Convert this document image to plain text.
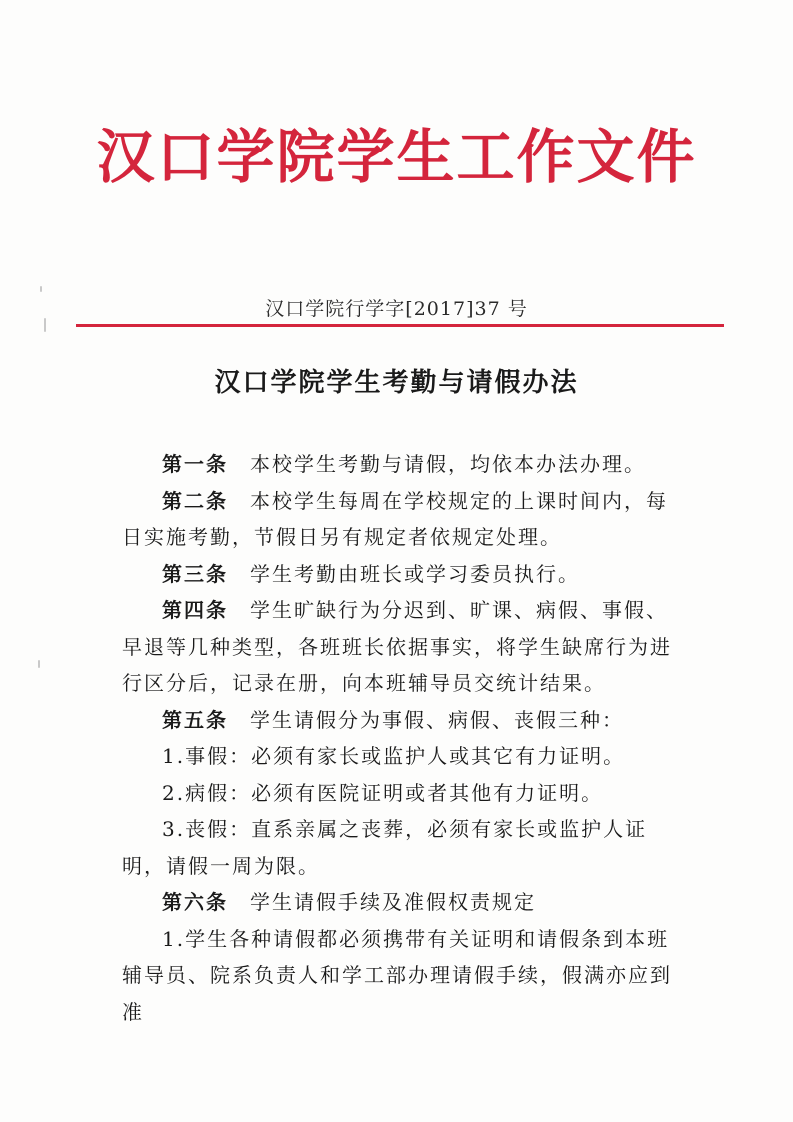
汉口学院学生工作文件
汉口学院行学字[2017]37 号
汉口学院学生考勤与请假办法

第一条　 本校学生考勤与请假，均依本办法办理。

第二条　 本校学生每周在学校规定的上课时间内，每日实施考勤，节假日另有规定者依规定处理。

第三条　 学生考勤由班长或学习委员执行。

第四条　 学生旷缺行为分迟到、旷课、病假、事假、早退等几种类型，各班班长依据事实，将学生缺席行为进行区分后，记录在册，向本班辅导员交统计结果。

第五条　 学生请假分为事假、病假、丧假三种：

1.事假：必须有家长或监护人或其它有力证明。

2.病假：必须有医院证明或者其他有力证明。

3.丧假：直系亲属之丧葬，必须有家长或监护人证明，请假一周为限。

第六条　 学生请假手续及准假权责规定

1.学生各种请假都必须携带有关证明和请假条到本班辅导员、院系负责人和学工部办理请假手续，假满亦应到准
